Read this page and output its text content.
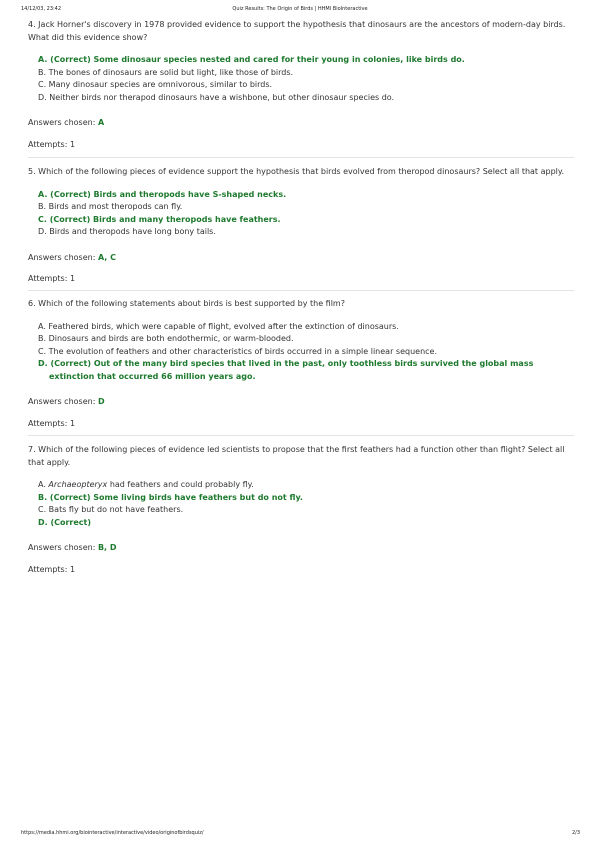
14/12/03, 23:42	Quiz Results: The Origin of Birds | HHMI BioInteractive

4. Jack Horner's discovery in 1978 provided evidence to support the hypothesis that dinosaurs are the ancestors of modern-day birds. What did this evidence show?

A. (Correct) Some dinosaur species nested and cared for their young in colonies, like birds do.
B. The bones of dinosaurs are solid but light, like those of birds.
C. Many dinosaur species are omnivorous, similar to birds.
D. Neither birds nor therapod dinosaurs have a wishbone, but other dinosaur species do.
Answers chosen: A
Attempts: 1

5. Which of the following pieces of evidence support the hypothesis that birds evolved from theropod dinosaurs? Select all that apply.

A. (Correct) Birds and theropods have S-shaped necks.
B. Birds and most theropods can fly.
C. (Correct) Birds and many theropods have feathers.
D. Birds and theropods have long bony tails.
Answers chosen: A, C
Attempts: 1

6. Which of the following statements about birds is best supported by the film?

A. Feathered birds, which were capable of flight, evolved after the extinction of dinosaurs.
B. Dinosaurs and birds are both endothermic, or warm-blooded.
C. The evolution of feathers and other characteristics of birds occurred in a simple linear sequence.
D. (Correct) Out of the many bird species that lived in the past, only toothless birds survived the global mass extinction that occurred 66 million years ago.
Answers chosen: D
Attempts: 1

7. Which of the following pieces of evidence led scientists to propose that the first feathers had a function other than flight? Select all that apply.

A. Archaeopteryx had feathers and could probably fly.
B. (Correct) Some living birds have feathers but do not fly.
C. Bats fly but do not have feathers.
D. (Correct)
Answers chosen: B, D
Attempts: 1
https://media.hhmi.org/biointeractive/interactive/video/originofbirdsquiz/	2/3
